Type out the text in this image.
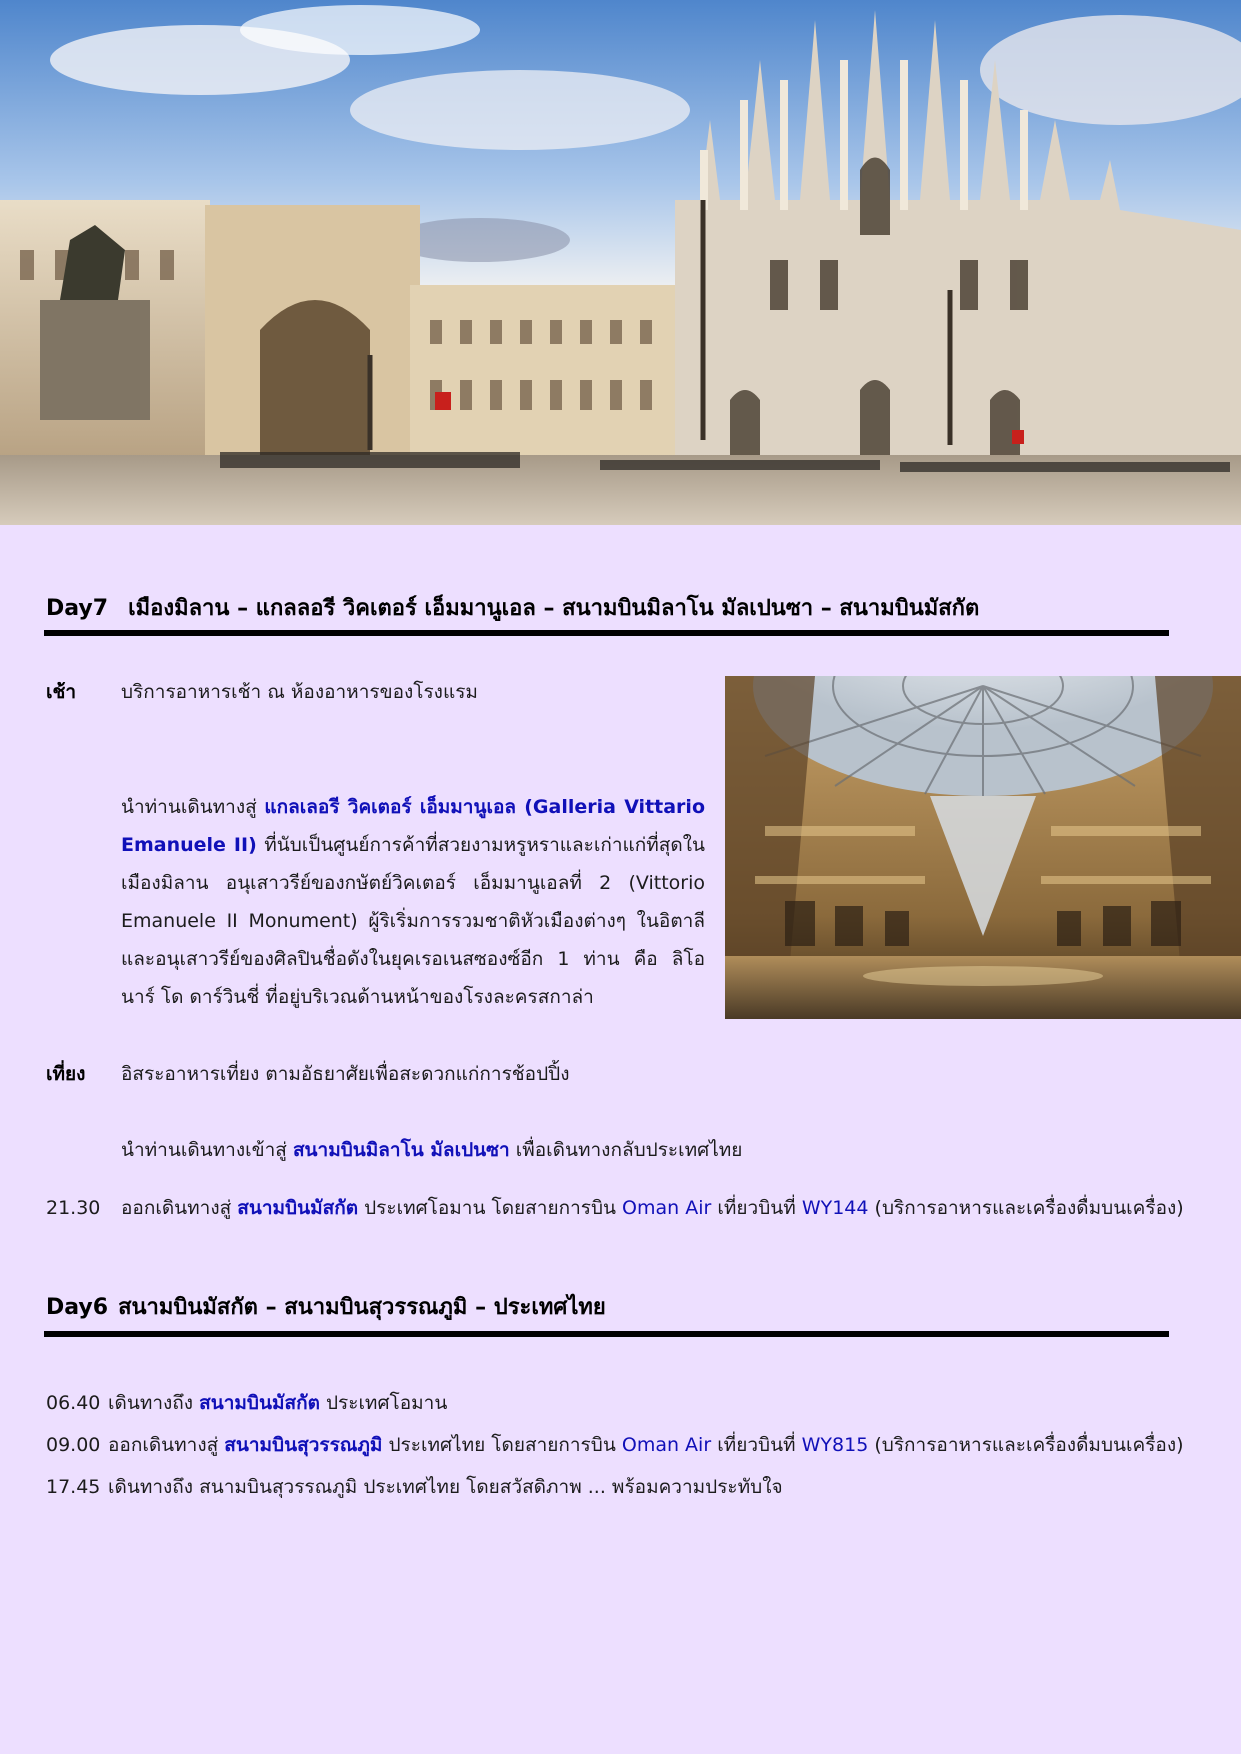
Day7 เมืองมิลาน – แกลลอรี วิคเตอร์ เอ็มมานูเอล – สนามบินมิลาโน มัลเปนซา – สนามบินมัสกัต
เช้า บริการอาหารเช้า ณ ห้องอาหารของโรงแรม
นำท่านเดินทางสู่ แกลเลอรี วิคเตอร์ เอ็มมานูเอล (Galleria Vittario Emanuele II) ที่นับเป็นศูนย์การค้าที่สวยงามหรูหราและเก่าแก่ที่สุดใน เมืองมิลาน อนุเสาวรีย์ของกษัตย์วิคเตอร์ เอ็มมานูเอลที่ 2 (Vittorio Emanuele II Monument) ผู้ริเริ่มการรวมชาติหัวเมืองต่างๆ ในอิตาลี และอนุเสาวรีย์ของศิลปินชื่อดังในยุคเรอเนสซองซ์อีก 1 ท่าน คือ ลิโอนาร์ โด ดาร์วินชี่ ที่อยู่บริเวณด้านหน้าของโรงละครสกาล่า
เที่ยง อิสระอาหารเที่ยง ตามอัธยาศัยเพื่อสะดวกแก่การช้อปปิ้ง
นำท่านเดินทางเข้าสู่ สนามบินมิลาโน มัลเปนซา เพื่อเดินทางกลับประเทศไทย
21.30 ออกเดินทางสู่ สนามบินมัสกัต ประเทศโอมาน โดยสายการบิน Oman Air เที่ยวบินที่ WY144 (บริการอาหารและเครื่องดื่มบนเครื่อง)
Day6 สนามบินมัสกัต – สนามบินสุวรรณภูมิ – ประเทศไทย
06.40 เดินทางถึง สนามบินมัสกัต ประเทศโอมาน
09.00 ออกเดินทางสู่ สนามบินสุวรรณภูมิ ประเทศไทย โดยสายการบิน Oman Air เที่ยวบินที่ WY815 (บริการอาหารและเครื่องดื่มบนเครื่อง)
17.45 เดินทางถึง สนามบินสุวรรณภูมิ ประเทศไทย โดยสวัสดิภาพ ... พร้อมความประทับใจ
